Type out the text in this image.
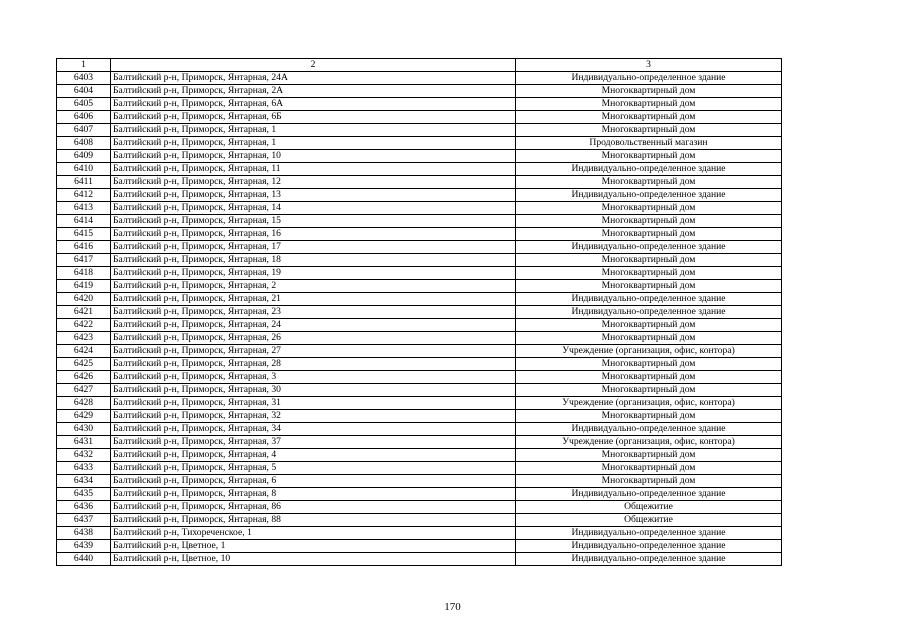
1	2	3
6403	Балтийский р-н, Приморск, Янтарная, 24А	Индивидуально-определенное здание
6404	Балтийский р-н, Приморск, Янтарная, 2А	Многоквартирный дом
6405	Балтийский р-н, Приморск, Янтарная, 6А	Многоквартирный дом
6406	Балтийский р-н, Приморск, Янтарная, 6Б	Многоквартирный дом
6407	Балтийский р-н, Приморск, Янтарная, 1	Многоквартирный дом
6408	Балтийский р-н, Приморск, Янтарная, 1	Продовольственный магазин
6409	Балтийский р-н, Приморск, Янтарная, 10	Многоквартирный дом
6410	Балтийский р-н, Приморск, Янтарная, 11	Индивидуально-определенное здание
6411	Балтийский р-н, Приморск, Янтарная, 12	Многоквартирный дом
6412	Балтийский р-н, Приморск, Янтарная, 13	Индивидуально-определенное здание
6413	Балтийский р-н, Приморск, Янтарная, 14	Многоквартирный дом
6414	Балтийский р-н, Приморск, Янтарная, 15	Многоквартирный дом
6415	Балтийский р-н, Приморск, Янтарная, 16	Многоквартирный дом
6416	Балтийский р-н, Приморск, Янтарная, 17	Индивидуально-определенное здание
6417	Балтийский р-н, Приморск, Янтарная, 18	Многоквартирный дом
6418	Балтийский р-н, Приморск, Янтарная, 19	Многоквартирный дом
6419	Балтийский р-н, Приморск, Янтарная, 2	Многоквартирный дом
6420	Балтийский р-н, Приморск, Янтарная, 21	Индивидуально-определенное здание
6421	Балтийский р-н, Приморск, Янтарная, 23	Индивидуально-определенное здание
6422	Балтийский р-н, Приморск, Янтарная, 24	Многоквартирный дом
6423	Балтийский р-н, Приморск, Янтарная, 26	Многоквартирный дом
6424	Балтийский р-н, Приморск, Янтарная, 27	Учреждение (организация, офис, контора)
6425	Балтийский р-н, Приморск, Янтарная, 28	Многоквартирный дом
6426	Балтийский р-н, Приморск, Янтарная, 3	Многоквартирный дом
6427	Балтийский р-н, Приморск, Янтарная, 30	Многоквартирный дом
6428	Балтийский р-н, Приморск, Янтарная, 31	Учреждение (организация, офис, контора)
6429	Балтийский р-н, Приморск, Янтарная, 32	Многоквартирный дом
6430	Балтийский р-н, Приморск, Янтарная, 34	Индивидуально-определенное здание
6431	Балтийский р-н, Приморск, Янтарная, 37	Учреждение (организация, офис, контора)
6432	Балтийский р-н, Приморск, Янтарная, 4	Многоквартирный дом
6433	Балтийский р-н, Приморск, Янтарная, 5	Многоквартирный дом
6434	Балтийский р-н, Приморск, Янтарная, 6	Многоквартирный дом
6435	Балтийский р-н, Приморск, Янтарная, 8	Индивидуально-определенное здание
6436	Балтийский р-н, Приморск, Янтарная, 86	Общежитие
6437	Балтийский р-н, Приморск, Янтарная, 88	Общежитие
6438	Балтийский р-н, Тихореченское, 1	Индивидуально-определенное здание
6439	Балтийский р-н, Цветное, 1	Индивидуально-определенное здание
6440	Балтийский р-н, Цветное, 10	Индивидуально-определенное здание
170
